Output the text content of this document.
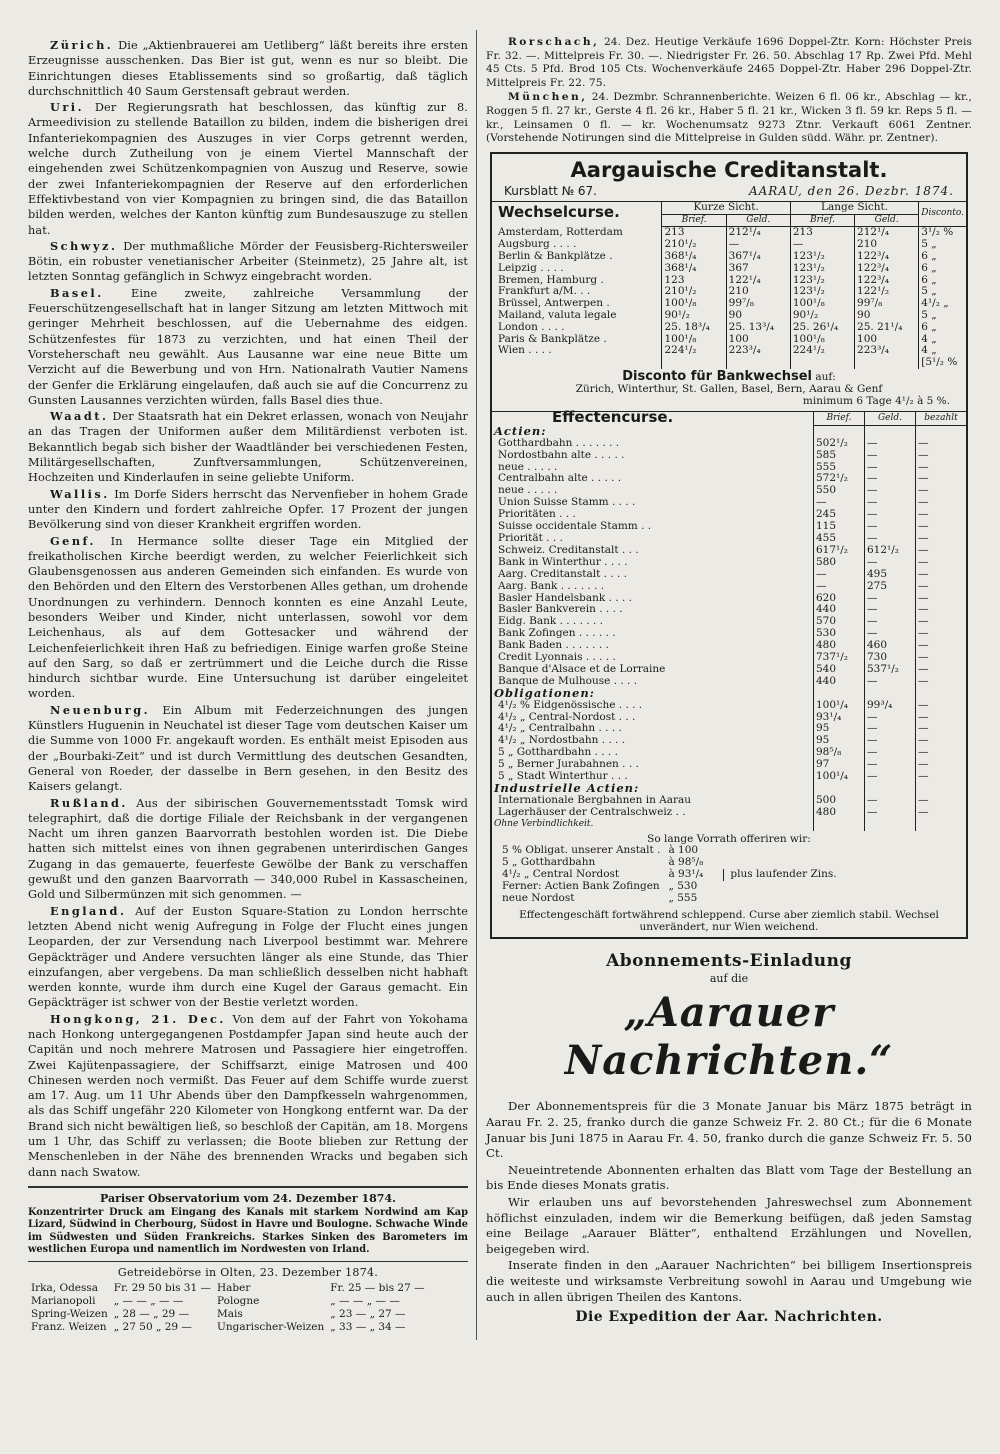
Zürich. Die „Aktienbrauerei am Uetliberg“ läßt bereits ihre ersten Erzeugnisse ausschenken. Das Bier ist gut, wenn es nur so bleibt. Die Einrichtungen dieses Etablissements sind so großartig, daß täglich durchschnittlich 40 Saum Gerstensaft gebraut werden.

Uri. Der Regierungsrath hat beschlossen, das künftig zur 8. Armeedivision zu stellende Bataillon zu bilden, indem die bisherigen drei Infanteriekompagnien des Auszuges in vier Corps getrennt werden, welche durch Zutheilung von je einem Viertel Mannschaft der eingehenden zwei Schützenkompagnien von Auszug und Reserve, sowie der zwei Infanteriekompagnien der Reserve auf den erforderlichen Effektivbestand von vier Kompagnien zu bringen sind, die das Bataillon bilden werden, welches der Kanton künftig zum Bundesauszuge zu stellen hat.

Schwyz. Der muthmaßliche Mörder der Feusisberg-Richtersweiler Bötin, ein robuster venetianischer Arbeiter (Steinmetz), 25 Jahre alt, ist letzten Sonntag gefänglich in Schwyz eingebracht worden.

Basel. Eine zweite, zahlreiche Versammlung der Feuerschützengesellschaft hat in langer Sitzung am letzten Mittwoch mit geringer Mehrheit beschlossen, auf die Uebernahme des eidgen. Schützenfestes für 1873 zu verzichten, und hat einen Theil der Vorsteherschaft neu gewählt. Aus Lausanne war eine neue Bitte um Verzicht auf die Bewerbung und von Hrn. Nationalrath Vautier Namens der Genfer die Erklärung eingelaufen, daß auch sie auf die Concurrenz zu Gunsten Lausannes verzichten würden, falls Basel dies thue.

Waadt. Der Staatsrath hat ein Dekret erlassen, wonach von Neujahr an das Tragen der Uniformen außer dem Militärdienst verboten ist. Bekanntlich begab sich bisher der Waadtländer bei verschiedenen Festen, Militärgesellschaften, Zunftversammlungen, Schützenvereinen, Hochzeiten und Kinderlaufen in seine geliebte Uniform.

Wallis. Im Dorfe Siders herrscht das Nervenfieber in hohem Grade unter den Kindern und fordert zahlreiche Opfer. 17 Prozent der jungen Bevölkerung sind von dieser Krankheit ergriffen worden.

Genf. In Hermance sollte dieser Tage ein Mitglied der freikatholischen Kirche beerdigt werden, zu welcher Feierlichkeit sich Glaubensgenossen aus anderen Gemeinden sich einfanden. Es wurde von den Behörden und den Eltern des Verstorbenen Alles gethan, um drohende Unordnungen zu verhindern. Dennoch konnten es eine Anzahl Leute, besonders Weiber und Kinder, nicht unterlassen, sowohl vor dem Leichenhaus, als auf dem Gottesacker und während der Leichenfeierlichkeit ihren Haß zu befriedigen. Einige warfen große Steine auf den Sarg, so daß er zertrümmert und die Leiche durch die Risse hindurch sichtbar wurde. Eine Untersuchung ist darüber eingeleitet worden.

Neuenburg. Ein Album mit Federzeichnungen des jungen Künstlers Huguenin in Neuchatel ist dieser Tage vom deutschen Kaiser um die Summe von 1000 Fr. angekauft worden. Es enthält meist Episoden aus der „Bourbaki-Zeit“ und ist durch Vermittlung des deutschen Gesandten, General von Roeder, der dasselbe in Bern gesehen, in den Besitz des Kaisers gelangt.

Rußland. Aus der sibirischen Gouvernementsstadt Tomsk wird telegraphirt, daß die dortige Filiale der Reichsbank in der vergangenen Nacht um ihren ganzen Baarvorrath bestohlen worden ist. Die Diebe hatten sich mittelst eines von ihnen gegrabenen unterirdischen Ganges Zugang in das gemauerte, feuerfeste Gewölbe der Bank zu verschaffen gewußt und den ganzen Baarvorrath — 340,000 Rubel in Kassascheinen, Gold und Silbermünzen mit sich genommen. —

England. Auf der Euston Square-Station zu London herrschte letzten Abend nicht wenig Aufregung in Folge der Flucht eines jungen Leoparden, der zur Versendung nach Liverpool bestimmt war. Mehrere Gepäckträger und Andere versuchten länger als eine Stunde, das Thier einzufangen, aber vergebens. Da man schließlich desselben nicht habhaft werden konnte, wurde ihm durch eine Kugel der Garaus gemacht. Ein Gepäckträger ist schwer von der Bestie verletzt worden.

Hongkong, 21. Dec. Von dem auf der Fahrt von Yokohama nach Honkong untergegangenen Postdampfer Japan sind heute auch der Capitän und noch mehrere Matrosen und Passagiere hier eingetroffen. Zwei Kajütenpassagiere, der Schiffsarzt, einige Matrosen und 400 Chinesen werden noch vermißt. Das Feuer auf dem Schiffe wurde zuerst am 17. Aug. um 11 Uhr Abends über den Dampfkesseln wahrgenommen, als das Schiff ungefähr 220 Kilometer von Hongkong entfernt war. Da der Brand sich nicht bewältigen ließ, so beschloß der Capitän, am 18. Morgens um 1 Uhr, das Schiff zu verlassen; die Boote blieben zur Rettung der Menschenleben in der Nähe des brennenden Wracks und begaben sich dann nach Swatow.

Pariser Observatorium vom 24. Dezember 1874.
Konzentrirter Druck am Eingang des Kanals mit starkem Nordwind am Kap Lizard, Südwind in Cherbourg, Südost in Havre und Boulogne. Schwache Winde im Südwesten und Süden Frankreichs. Starkes Sinken des Barometers im westlichen Europa und namentlich im Nordwesten von Irland.
Getreidebörse in Olten, 23. Dezember 1874.
Irka, Odessa	Fr. 29 50 bis 31 —	Haber	Fr. 25 — bis 27 —
Marianopoli	„ — — „ — —	Pologne	„ — — „ — —
Spring-Weizen	„ 28 — „ 29 —	Mais	„ 23 — „ 27 —
Franz. Weizen	„ 27 50 „ 29 —	Ungarischer-Weizen	„ 33 — „ 34 —

Rorschach, 24. Dez. Heutige Verkäufe 1696 Doppel-Ztr. Korn: Höchster Preis Fr. 32. —. Mittelpreis Fr. 30. —. Niedrigster Fr. 26. 50. Abschlag 17 Rp. Zwei Pfd. Mehl 45 Cts. 5 Pfd. Brod 105 Cts. Wochenverkäufe 2465 Doppel-Ztr. Haber 296 Doppel-Ztr. Mittelpreis Fr. 22. 75.

München, 24. Dezmbr. Schrannenberichte. Weizen 6 fl. 06 kr., Abschlag — kr., Roggen 5 fl. 27 kr., Gerste 4 fl. 26 kr., Haber 5 fl. 21 kr., Wicken 3 fl. 59 kr. Reps 5 fl. — kr., Leinsamen 0 fl. — kr. Wochenumsatz 9273 Ztnr. Verkauft 6061 Zentner. (Vorstehende Notirungen sind die Mittelpreise in Gulden südd. Währ. pr. Zentner).

Aargauische Creditanstalt.
Kursblatt № 67.	AARAU, den 26. Dezbr. 1874.
Wechselcurse.	Kurze Sicht.		Lange Sicht.		Disconto.
	Brief.	Geld.	Brief.	Geld.	
Amsterdam, Rotterdam	213	212¹/₄	213	212¹/₄	3¹/₂ %
Augsburg . . . .	210¹/₂	—	—	210	5 „
Berlin & Bankplätze .	368¹/₄	367¹/₄	123¹/₂	122³/₄	6 „
Leipzig . . . .	368¹/₄	367	123¹/₂	122³/₄	6 „
Bremen, Hamburg .	123	122¹/₄	123¹/₂	122³/₄	6 „
Frankfurt a/M. . .	210¹/₂	210	123¹/₂	122¹/₂	5 „
Brüssel, Antwerpen .	100¹/₈	99⁷/₈	100¹/₈	99⁷/₈	4¹/₂ „
Mailand, valuta legale	90¹/₂	90	90¹/₂	90	5 „
London . . . .	25. 18³/₄	25. 13³/₄	25. 26¹/₄	25. 21¹/₄	6 „
Paris & Bankplätze .	100¹/₈	100	100¹/₈	100	4 „
Wien . . . .	224¹/₂	223³/₄	224¹/₂	223³/₄	4 „
					[5¹/₂ %
Disconto für Bankwechsel auf:
Zürich, Winterthur, St. Gallen, Basel, Bern, Aarau & Genf
minimum 6 Tage 4¹/₂ à 5 %.
Effectencurse.	Brief.	Geld.	bezahlt
Actien:			
Gotthardbahn . . . . . . .	502¹/₂	—	—
Nordostbahn alte . . . . .	585	—	—
neue . . . . .	555	—	—
Centralbahn alte . . . . .	572¹/₂	—	—
neue . . . . .	550	—	—
Union Suisse Stamm . . . .	—	—	—
Prioritäten . . .	245	—	—
Suisse occidentale Stamm . .	115	—	—
Priorität . . .	455	—	—
Schweiz. Creditanstalt . . .	617¹/₂	612¹/₂	—
Bank in Winterthur . . . .	580	—	—
Aarg. Creditanstalt . . . .	—	495	—
Aarg. Bank . . . . . . .	—	275	—
Basler Handelsbank . . . .	620	—	—
Basler Bankverein . . . .	440	—	—
Eidg. Bank . . . . . . .	570	—	—
Bank Zofingen . . . . . .	530	—	—
Bank Baden . . . . . . .	480	460	—
Credit Lyonnais . . . . .	737¹/₂	730	—
Banque d'Alsace et de Lorraine	540	537¹/₂	—
Banque de Mulhouse . . . .	440	—	—
Obligationen:			
4¹/₂ % Eidgenössische . . . .	100¹/₄	99³/₄	—
4¹/₂ „ Central-Nordost . . .	93¹/₄	—	—
4¹/₂ „ Centralbahn . . . .	95	—	—
4¹/₂ „ Nordostbahn . . . .	95	—	—
5 „ Gotthardbahn . . . .	98⁵/₈	—	—
5 „ Berner Jurabahnen . . .	97	—	—
5 „ Stadt Winterthur . . .	100¹/₄	—	—
Industrielle Actien:			
Internationale Bergbahnen in Aarau	500	—	—
Lagerhäuser der Centralschweiz . .	480	—	—
Ohne Verbindlichkeit.			
So lange Vorrath offeriren wir:
5 % Obligat. unserer Anstalt .	à 100
5 „ Gotthardbahn	à 98⁵/₈
4¹/₂ „ Central Nordost	à 93¹/₄
Ferner: Actien Bank Zofingen	„ 530
neue Nordost	„ 555
plus laufender Zins.
Effectengeschäft fortwährend schleppend. Curse aber ziemlich stabil. Wechsel unverändert, nur Wien weichend.
Abonnements-Einladung
auf die
„Aarauer Nachrichten.“

Der Abonnementspreis für die 3 Monate Januar bis März 1875 beträgt in Aarau Fr. 2. 25, franko durch die ganze Schweiz Fr. 2. 80 Ct.; für die 6 Monate Januar bis Juni 1875 in Aarau Fr. 4. 50, franko durch die ganze Schweiz Fr. 5. 50 Ct.

Neueintretende Abonnenten erhalten das Blatt vom Tage der Bestellung an bis Ende dieses Monats gratis.

Wir erlauben uns auf bevorstehenden Jahreswechsel zum Abonnement höflichst einzuladen, indem wir die Bemerkung beifügen, daß jeden Samstag eine Beilage „Aarauer Blätter“, enthaltend Erzählungen und Novellen, beigegeben wird.

Inserate finden in den „Aarauer Nachrichten“ bei billigem Insertionspreis die weiteste und wirksamste Verbreitung sowohl in Aarau und Umgebung wie auch in allen übrigen Theilen des Kantons.

Die Expedition der Aar. Nachrichten.
